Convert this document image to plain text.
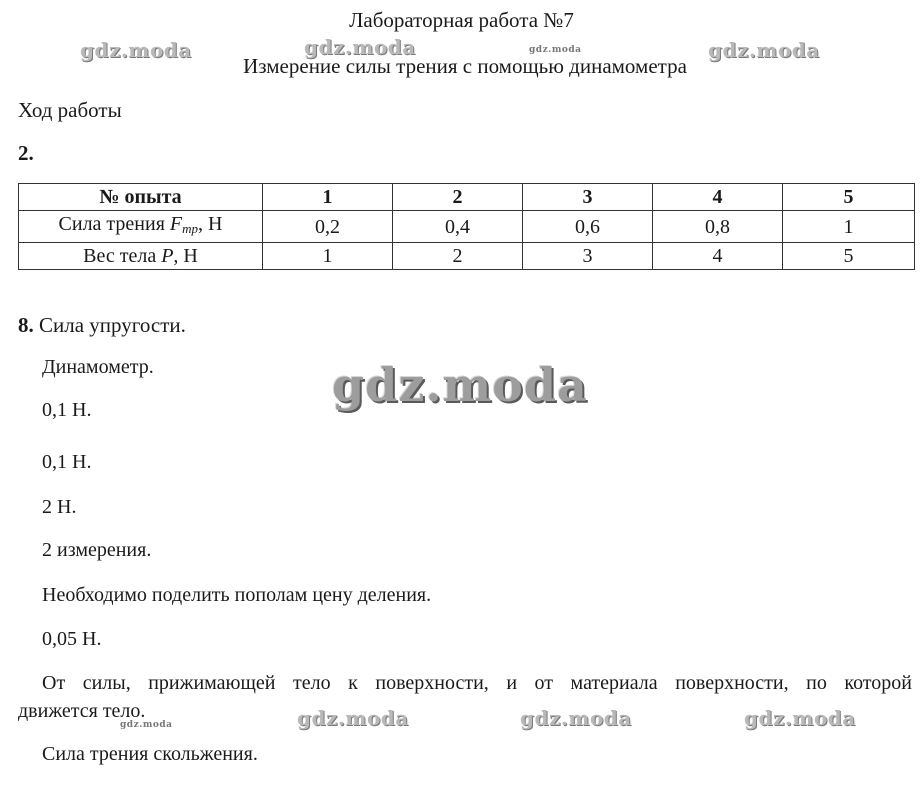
Лабораторная работа №7
Измерение силы трения с помощью динамометра
gdz.moda	gdz.moda	gdz.moda	gdz.moda
Ход работы
2.
№ опыта	1	2	3	4	5
Сила трения $F_{тр}$, Н	0,2	0,4	0,6	0,8	1
Вес тела P, Н	1	2	3	4	5
8. Сила упругости.
Динамометр.
0,1 Н.
0,1 Н.
2 Н.
2 измерения.
Необходимо поделить пополам цену деления.
0,05 Н.
От силы, прижимающей тело к поверхности, и от материала поверхности, по которой
движется тело.
Сила трения скольжения.
gdz.moda
gdz.moda	gdz.moda	gdz.moda	gdz.moda
